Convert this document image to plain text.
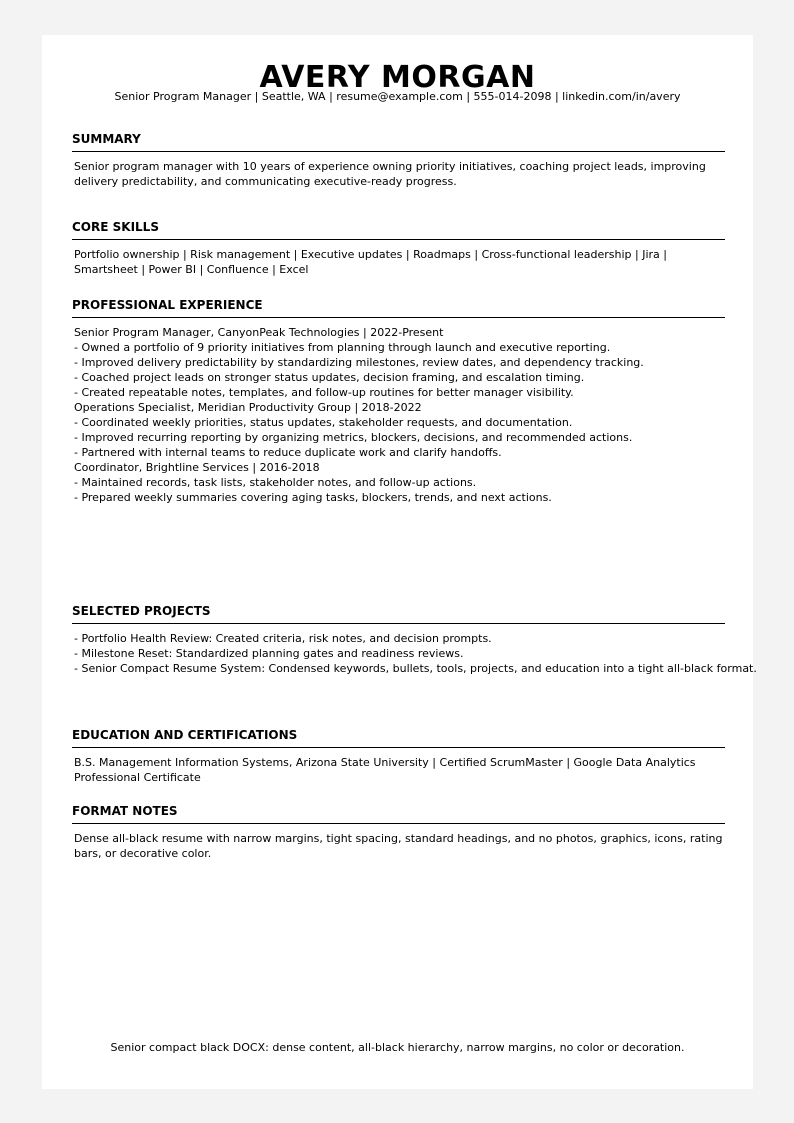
AVERY MORGAN
Senior Program Manager | Seattle, WA | resume@example.com | 555-014-2098 | linkedin.com/in/avery
SUMMARY
Senior program manager with 10 years of experience owning priority initiatives, coaching project leads, improving delivery predictability, and communicating executive-ready progress.
CORE SKILLS
Portfolio ownership | Risk management | Executive updates | Roadmaps | Cross-functional leadership | Jira | Smartsheet | Power BI | Confluence | Excel
PROFESSIONAL EXPERIENCE
Senior Program Manager, CanyonPeak Technologies | 2022-Present
- Owned a portfolio of 9 priority initiatives from planning through launch and executive reporting.
- Improved delivery predictability by standardizing milestones, review dates, and dependency tracking.
- Coached project leads on stronger status updates, decision framing, and escalation timing.
- Created repeatable notes, templates, and follow-up routines for better manager visibility.
Operations Specialist, Meridian Productivity Group | 2018-2022
- Coordinated weekly priorities, status updates, stakeholder requests, and documentation.
- Improved recurring reporting by organizing metrics, blockers, decisions, and recommended actions.
- Partnered with internal teams to reduce duplicate work and clarify handoffs.
Coordinator, Brightline Services | 2016-2018
- Maintained records, task lists, stakeholder notes, and follow-up actions.
- Prepared weekly summaries covering aging tasks, blockers, trends, and next actions.
SELECTED PROJECTS
- Portfolio Health Review: Created criteria, risk notes, and decision prompts.
- Milestone Reset: Standardized planning gates and readiness reviews.
- Senior Compact Resume System: Condensed keywords, bullets, tools, projects, and education into a tight all-black format.
EDUCATION AND CERTIFICATIONS
B.S. Management Information Systems, Arizona State University | Certified ScrumMaster | Google Data Analytics Professional Certificate
FORMAT NOTES
Dense all-black resume with narrow margins, tight spacing, standard headings, and no photos, graphics, icons, rating bars, or decorative color.
Senior compact black DOCX: dense content, all-black hierarchy, narrow margins, no color or decoration.
